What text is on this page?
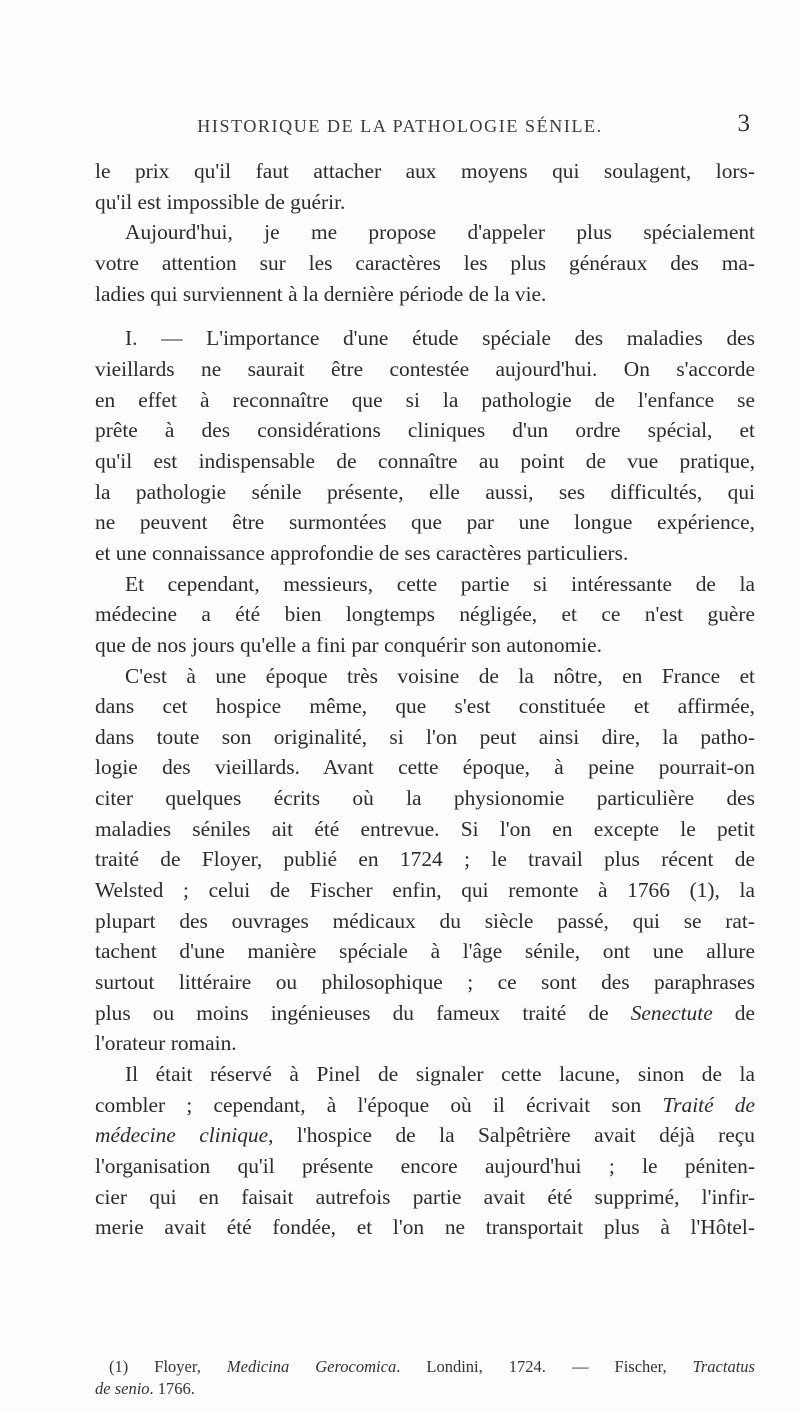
HISTORIQUE DE LA PATHOLOGIE SÉNILE.	3

le prix qu'il faut attacher aux moyens qui soulagent, lors-
qu'il est impossible de guérir.

Aujourd'hui, je me propose d'appeler plus spécialement
votre attention sur les caractères les plus généraux des ma-
ladies qui surviennent à la dernière période de la vie.

I. — L'importance d'une étude spéciale des maladies des
vieillards ne saurait être contestée aujourd'hui. On s'accorde
en effet à reconnaître que si la pathologie de l'enfance se
prête à des considérations cliniques d'un ordre spécial, et
qu'il est indispensable de connaître au point de vue pratique,
la pathologie sénile présente, elle aussi, ses difficultés, qui
ne peuvent être surmontées que par une longue expérience,
et une connaissance approfondie de ses caractères particuliers.

Et cependant, messieurs, cette partie si intéressante de la
médecine a été bien longtemps négligée, et ce n'est guère
que de nos jours qu'elle a fini par conquérir son autonomie.

C'est à une époque très voisine de la nôtre, en France et
dans cet hospice même, que s'est constituée et affirmée,
dans toute son originalité, si l'on peut ainsi dire, la patho-
logie des vieillards. Avant cette époque, à peine pourrait-on
citer quelques écrits où la physionomie particulière des
maladies séniles ait été entrevue. Si l'on en excepte le petit
traité de Floyer, publié en 1724 ; le travail plus récent de
Welsted ; celui de Fischer enfin, qui remonte à 1766 (1), la
plupart des ouvrages médicaux du siècle passé, qui se rat-
tachent d'une manière spéciale à l'âge sénile, ont une allure
surtout littéraire ou philosophique ; ce sont des paraphrases
plus ou moins ingénieuses du fameux traité de Senectute de
l'orateur romain.

Il était réservé à Pinel de signaler cette lacune, sinon de la
combler ; cependant, à l'époque où il écrivait son Traité de
médecine clinique, l'hospice de la Salpêtrière avait déjà reçu
l'organisation qu'il présente encore aujourd'hui ; le péniten-
cier qui en faisait autrefois partie avait été supprimé, l'infir-
merie avait été fondée, et l'on ne transportait plus à l'Hôtel-

(1) Floyer, Medicina Gerocomica. Londini, 1724. — Fischer, Tractatus
de senio. 1766.
